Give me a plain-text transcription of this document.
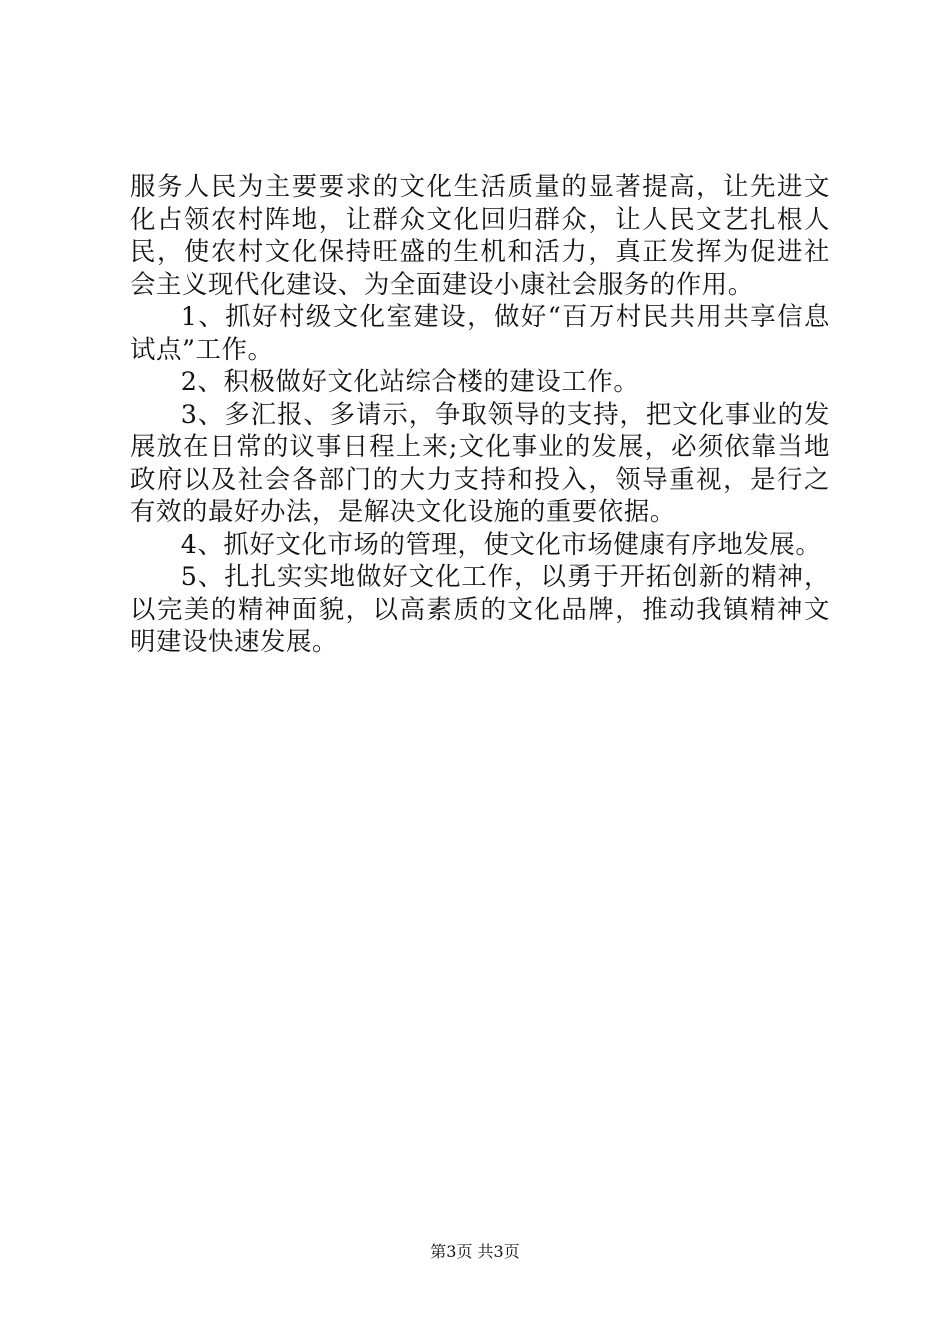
服务人民为主要要求的文化生活质量的显著提高，让先进文化占领农村阵地，让群众文化回归群众，让人民文艺扎根人民，使农村文化保持旺盛的生机和活力，真正发挥为促进社会主义现代化建设、为全面建设小康社会服务的作用。

1、抓好村级文化室建设，做好“百万村民共用共享信息试点”工作。

2、积极做好文化站综合楼的建设工作。

3、多汇报、多请示，争取领导的支持，把文化事业的发展放在日常的议事日程上来;文化事业的发展，必须依靠当地政府以及社会各部门的大力支持和投入，领导重视，是行之有效的最好办法，是解决文化设施的重要依据。

4、抓好文化市场的管理，使文化市场健康有序地发展。

5、扎扎实实地做好文化工作，以勇于开拓创新的精神，以完美的精神面貌，以高素质的文化品牌，推动我镇精神文明建设快速发展。

第3页 共3页
